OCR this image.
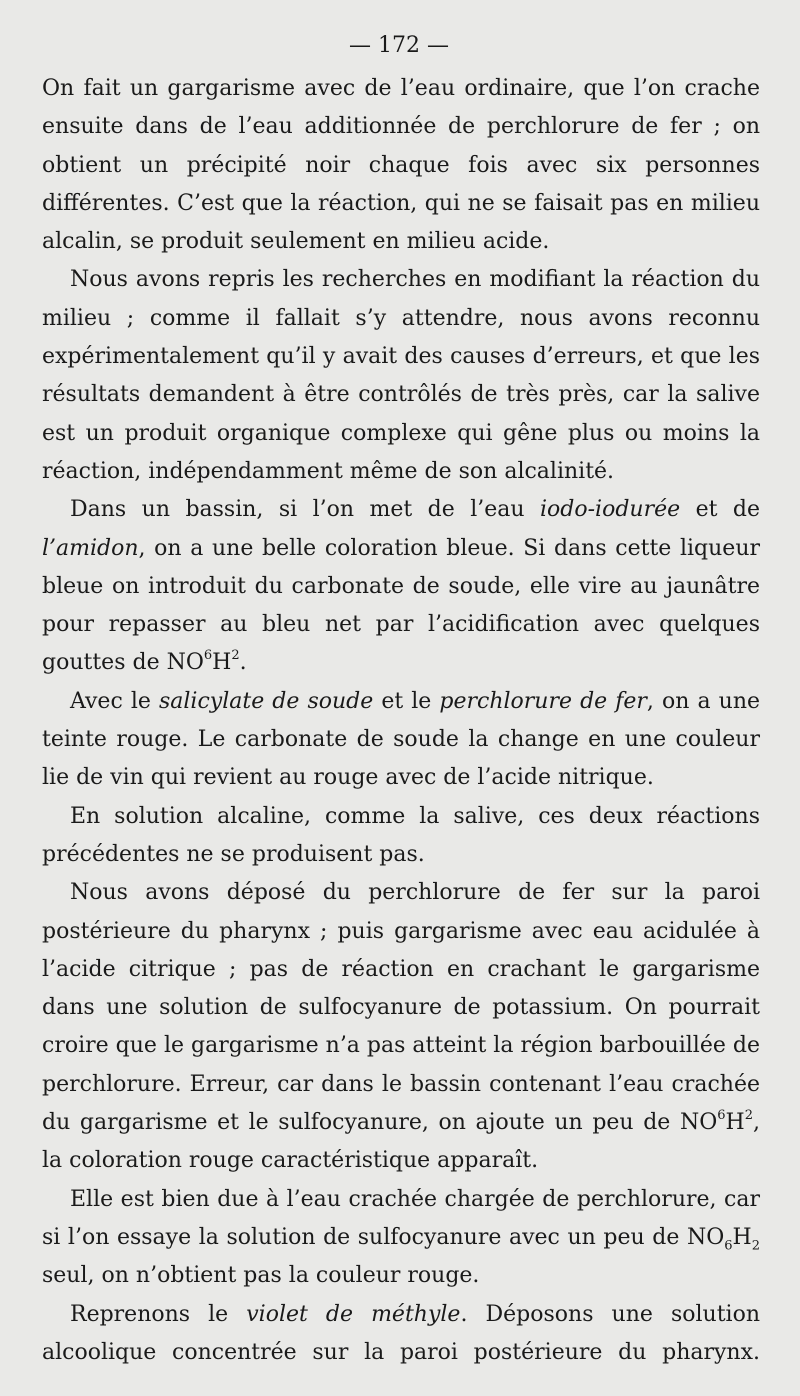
— 172 —

On fait un gargarisme avec de l’eau ordinaire, que l’on crache ensuite dans de l’eau additionnée de perchlorure de fer ; on obtient un précipité noir chaque fois avec six personnes différentes. C’est que la réaction, qui ne se faisait pas en milieu alcalin, se produit seulement en milieu acide.

Nous avons repris les recherches en modifiant la réaction du milieu ; comme il fallait s’y attendre, nous avons reconnu expérimentalement qu’il y avait des causes d’erreurs, et que les résultats demandent à être contrôlés de très près, car la salive est un produit organique complexe qui gêne plus ou moins la réaction, indépendamment même de son alcalinité.

Dans un bassin, si l’on met de l’eau iodo-iodurée et de l’amidon, on a une belle coloration bleue. Si dans cette liqueur bleue on introduit du carbonate de soude, elle vire au jaunâtre pour repasser au bleu net par l’acidification avec quelques gouttes de $NO^6H^2$.

Avec le salicylate de soude et le perchlorure de fer, on a une teinte rouge. Le carbonate de soude la change en une couleur lie de vin qui revient au rouge avec de l’acide nitrique.

En solution alcaline, comme la salive, ces deux réactions précédentes ne se produisent pas.

Nous avons déposé du perchlorure de fer sur la paroi postérieure du pharynx ; puis gargarisme avec eau acidulée à l’acide citrique ; pas de réaction en crachant le gargarisme dans une solution de sulfocyanure de potassium. On pourrait croire que le gargarisme n’a pas atteint la région barbouillée de perchlorure. Erreur, car dans le bassin contenant l’eau crachée du gargarisme et le sulfocyanure, on ajoute un peu de $NO^6H^2$, la coloration rouge caractéristique apparaît.

Elle est bien due à l’eau crachée chargée de perchlorure, car si l’on essaye la solution de sulfocyanure avec un peu de $NO_6H_2$ seul, on n’obtient pas la couleur rouge.

Reprenons le violet de méthyle. Déposons une solution alcoolique concentrée sur la paroi postérieure du pharynx.
